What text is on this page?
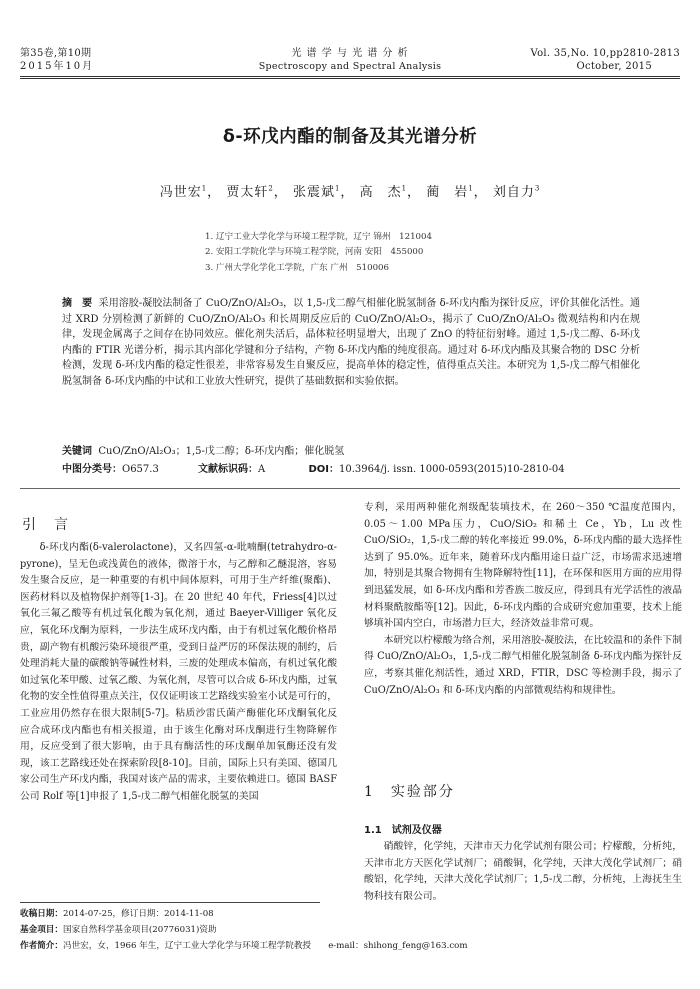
第35卷,第10期
2015年10月
光 谱 学 与 光 谱 分 析
Spectroscopy and Spectral Analysis
Vol. 35,No. 10,pp2810-2813
October, 2015
δ-环戊内酯的制备及其光谱分析
冯世宏$^1$， 贾太轩$^2$， 张震斌$^1$， 高　杰$^1$， 蔺　岩$^1$， 刘自力$^3$
1. 辽宁工业大学化学与环境工程学院，辽宁 锦州　121004
2. 安阳工学院化学与环境工程学院，河南 安阳　455000
3. 广州大学化学化工学院，广东 广州　510006
摘　要 采用溶胶-凝胶法制备了 CuO/ZnO/Al₂O₃，以 1,5-戊二醇气相催化脱氢制备 δ-环戊内酯为探针反应，评价其催化活性。通过 XRD 分别检测了新鲜的 CuO/ZnO/Al₂O₃ 和长周期反应后的 CuO/ZnO/Al₂O₃，揭示了 CuO/ZnO/Al₂O₃ 微观结构和内在规律，发现金属离子之间存在协同效应。催化剂失活后，晶体粒径明显增大，出现了 ZnO 的特征衍射峰。通过 1,5-戊二醇、δ-环戊内酯的 FTIR 光谱分析，揭示其内部化学键和分子结构，产物 δ-环戊内酯的纯度很高。通过对 δ-环戊内酯及其聚合物的 DSC 分析检测，发现 δ-环戊内酯的稳定性很差，非常容易发生自聚反应，提高单体的稳定性，值得重点关注。本研究为 1,5-戊二醇气相催化脱氢制备 δ-环戊内酯的中试和工业放大性研究，提供了基础数据和实验依据。
关键词 CuO/ZnO/Al₂O₃；1,5-戊二醇；δ-环戊内酯；催化脱氢
中图分类号：O657.3	文献标识码：A	DOI：10.3964/j. issn. 1000-0593(2015)10-2810-04
引　言

δ-环戊内酯(δ-valerolactone)，又名四氢-α-吡喃酮(tetrahydro-α-pyrone)，呈无色或浅黄色的液体，微溶于水，与乙醇和乙醚混溶，容易发生聚合反应，是一种重要的有机中间体原料，可用于生产纤维(聚酯)、医药材料以及植物保护剂等[1-3]。在 20 世纪 40 年代，Friess[4]以过氧化三氟乙酸等有机过氧化酸为氧化剂，通过 Baeyer-Villiger 氧化反应，氧化环戊酮为原料，一步法生成环戊内酯，由于有机过氧化酸价格昂贵，副产物有机酸污染环境很严重，受到日益严厉的环保法规的制约，后处理消耗大量的碳酸钠等碱性材料，三废的处理成本偏高，有机过氧化酸如过氧化苯甲酸、过氧乙酸、为氧化剂，尽管可以合成 δ-环戊内酯，过氧化物的安全性值得重点关注，仅仅证明该工艺路线实验室小试是可行的，工业应用仍然存在很大限制[5-7]。粘质沙雷氏菌产酶催化环戊酮氧化反应合成环戊内酯也有相关报道，由于该生化酶对环戊酮进行生物降解作用，反应受到了很大影响，由于具有酶活性的环戊酮单加氧酶还没有发现，该工艺路线还处在探索阶段[8-10]。目前，国际上只有美国、德国几家公司生产环戊内酯，我国对该产品的需求，主要依赖进口。德国 BASF 公司 Rolf 等[1]申报了 1,5-戊二醇气相催化脱氢的美国

专利，采用两种催化剂级配装填技术，在 260～350 ℃温度范围内，0.05～1.00 MPa压力，CuO/SiO₂ 和稀土 Ce，Yb，Lu 改性 CuO/SiO₂，1,5-戊二醇的转化率接近 99.0%，δ-环戊内酯的最大选择性达到了 95.0%。近年来，随着环戊内酯用途日益广泛，市场需求迅速增加，特别是其聚合物拥有生物降解特性[11]，在环保和医用方面的应用得到迅猛发展，如 δ-环戊内酯和芳香族二胺反应，得到具有光学活性的液晶材料聚酰胺酯等[12]。因此，δ-环戊内酯的合成研究愈加重要，技术上能够填补国内空白，市场潜力巨大，经济效益非常可观。

本研究以柠檬酸为络合剂，采用溶胶-凝胶法，在比较温和的条件下制得 CuO/ZnO/Al₂O₃，1,5-戊二醇气相催化脱氢制备 δ-环戊内酯为探针反应，考察其催化剂活性，通过 XRD，FTIR，DSC 等检测手段，揭示了 CuO/ZnO/Al₂O₃ 和 δ-环戊内酯的内部微观结构和规律性。

1　实验部分
1.1　试剂及仪器

硝酸锌，化学纯，天津市天力化学试剂有限公司；柠檬酸，分析纯，天津市北方天医化学试剂厂；硝酸铜，化学纯，天津大茂化学试剂厂；硝酸铝，化学纯，天津大茂化学试剂厂；1,5-戊二醇，分析纯，上海抚生生物科技有限公司。

收稿日期：2014-07-25，修订日期：2014-11-08
基金项目：国家自然科学基金项目(20776031)资助
作者简介：冯世宏，女，1966 年生，辽宁工业大学化学与环境工程学院教授　　e-mail：shihong_feng@163.com
